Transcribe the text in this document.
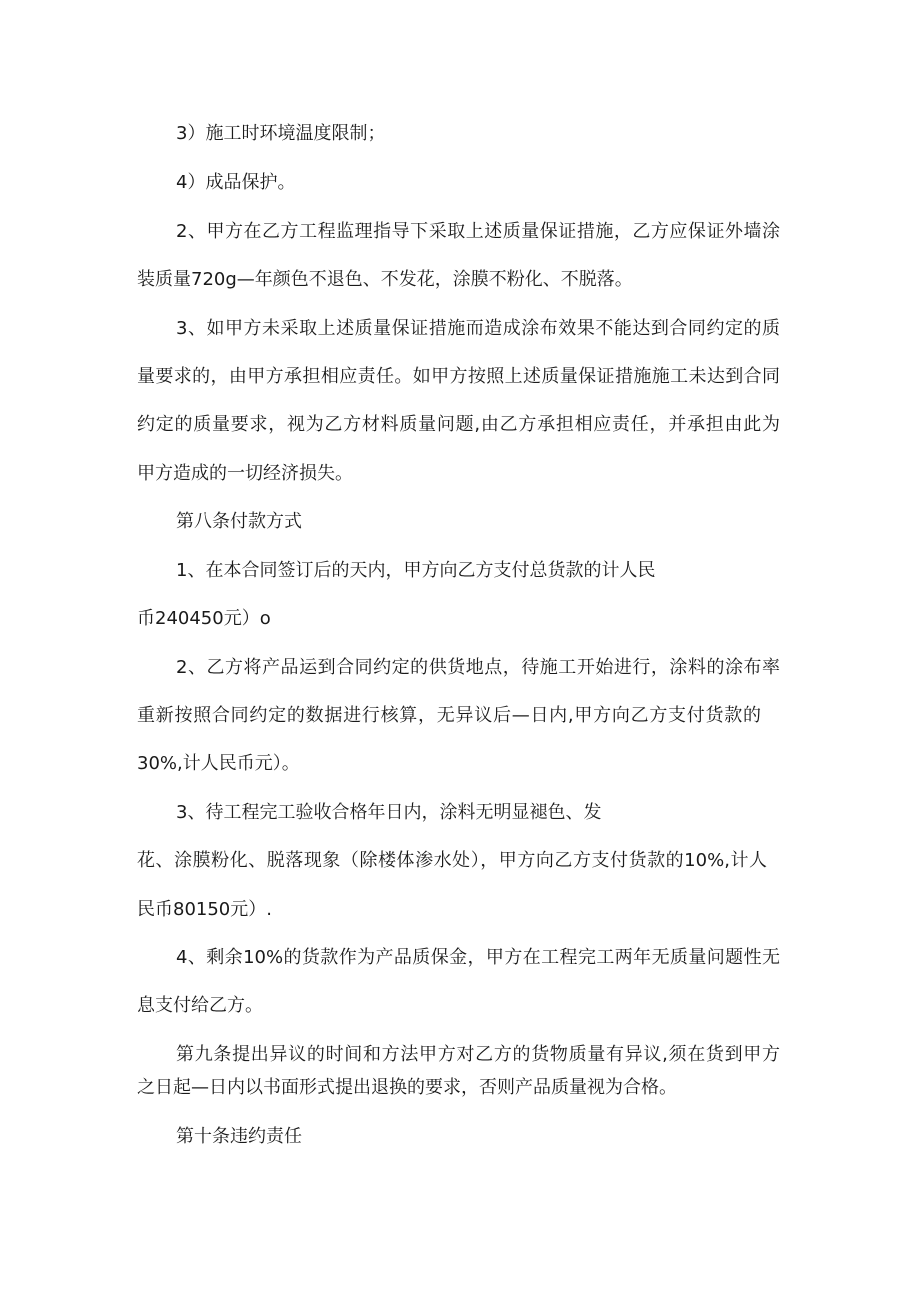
3）施工时环境温度限制；
4）成品保护。
2、甲方在乙方工程监理指导下采取上述质量保证措施，乙方应保证外墙涂
装质量720g—年颜色不退色、不发花，涂膜不粉化、不脱落。
3、如甲方未采取上述质量保证措施而造成涂布效果不能达到合同约定的质
量要求的，由甲方承担相应责任。如甲方按照上述质量保证措施施工未达到合同
约定的质量要求，视为乙方材料质量问题,由乙方承担相应责任，并承担由此为
甲方造成的一切经济损失。
第八条付款方式
1、在本合同签订后的天内，甲方向乙方支付总货款的计人民
币240450元）o
2、乙方将产品运到合同约定的供货地点，待施工开始进行，涂料的涂布率
重新按照合同约定的数据进行核算，无异议后—日内,甲方向乙方支付货款的
30%,计人民币元）。
3、待工程完工验收合格年日内，涂料无明显褪色、发
花、涂膜粉化、脱落现象（除楼体渗水处），甲方向乙方支付货款的10%,计人
民币80150元）.
4、剩余10%的货款作为产品质保金，甲方在工程完工两年无质量问题性无
息支付给乙方。
第九条提出异议的时间和方法甲方对乙方的货物质量有异议,须在货到甲方
之日起—日内以书面形式提出退换的要求，否则产品质量视为合格。
第十条违约责任
